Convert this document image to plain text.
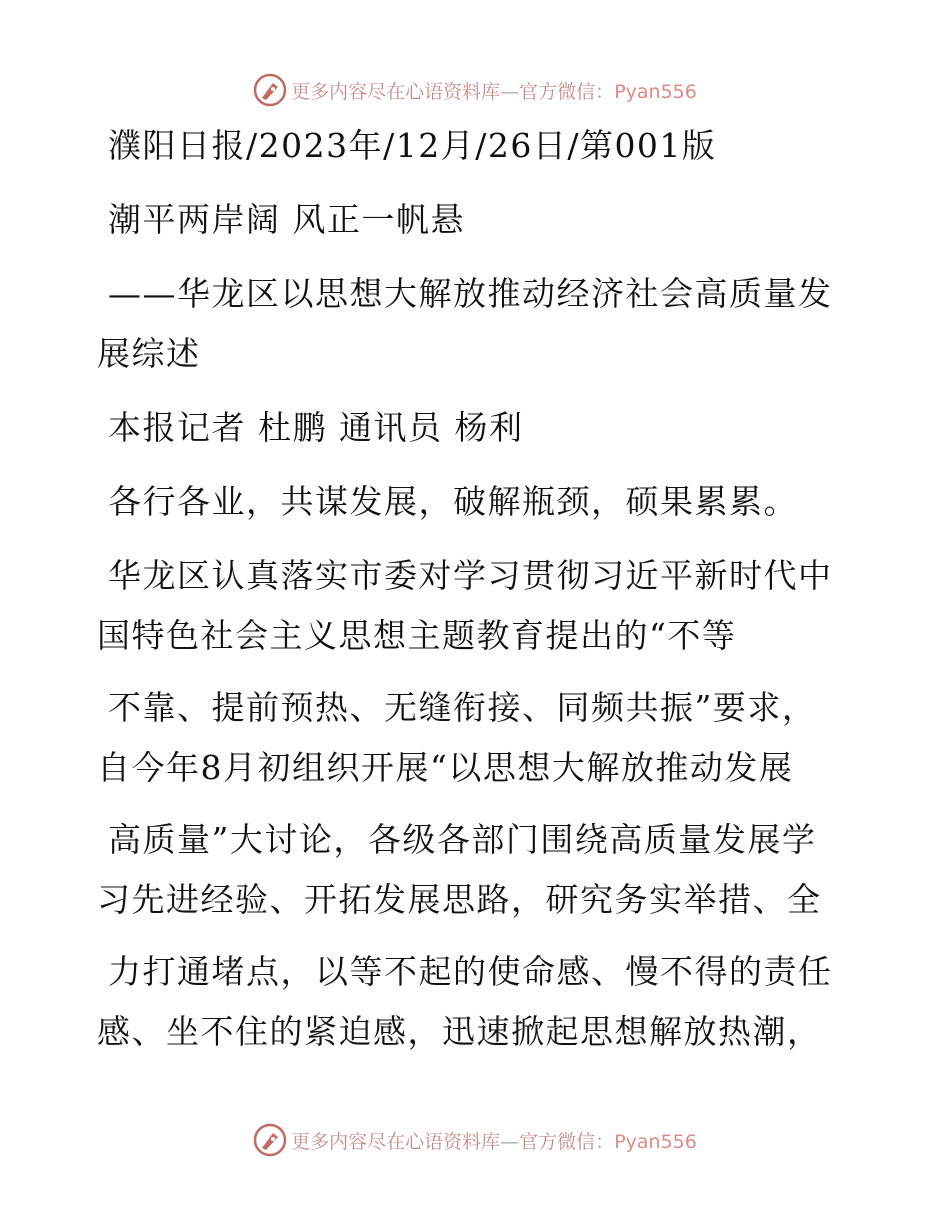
更多内容尽在心语资料库—官方微信：Pyan556
濮阳日报/2023年/12月/26日/第001版
潮平两岸阔 风正一帆悬
——华龙区以思想大解放推动经济社会高质量发
展综述
本报记者 杜鹏 通讯员 杨利
各行各业，共谋发展，破解瓶颈，硕果累累。
华龙区认真落实市委对学习贯彻习近平新时代中
国特色社会主义思想主题教育提出的“不等
不靠、提前预热、无缝衔接、同频共振”要求，
自今年8月初组织开展“以思想大解放推动发展
高质量”大讨论，各级各部门围绕高质量发展学
习先进经验、开拓发展思路，研究务实举措、全
力打通堵点，以等不起的使命感、慢不得的责任
感、坐不住的紧迫感，迅速掀起思想解放热潮，
更多内容尽在心语资料库—官方微信：Pyan556
